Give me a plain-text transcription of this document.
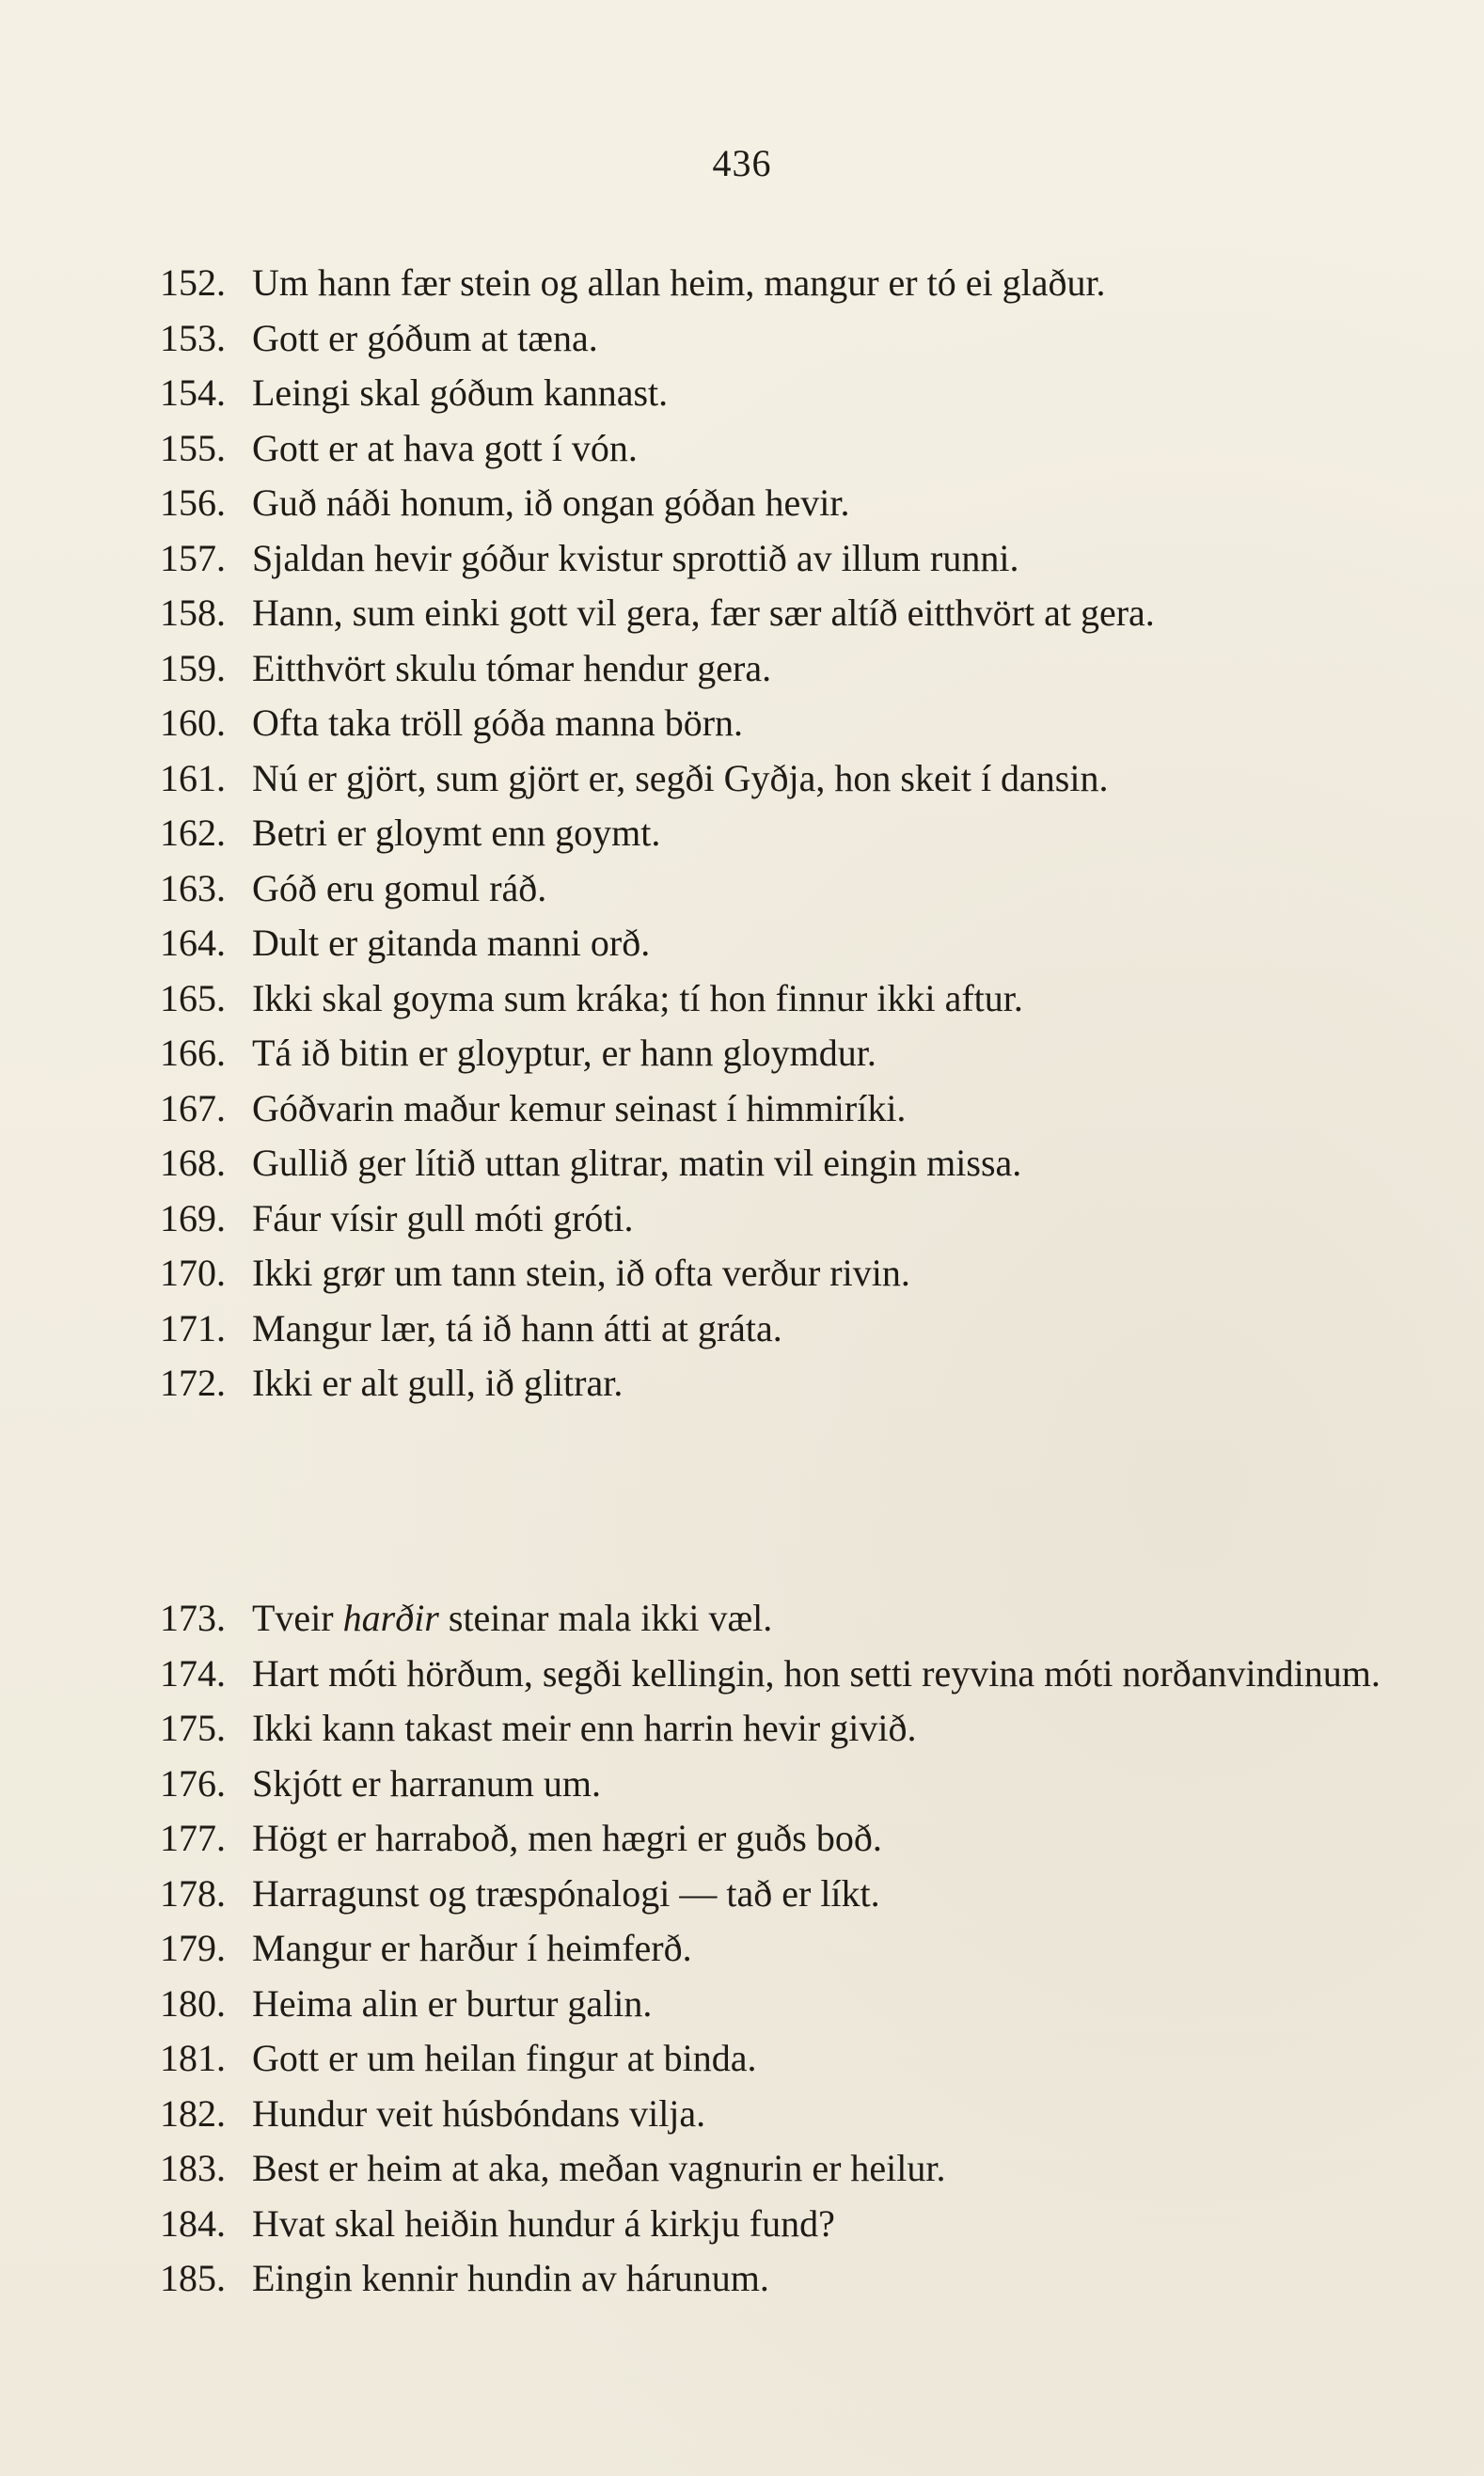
436
152. Um hann fær stein og allan heim, mangur er tó ei glaður.
153. Gott er góðum at tæna.
154. Leingi skal góðum kannast.
155. Gott er at hava gott í vón.
156. Guð náði honum, ið ongan góðan hevir.
157. Sjaldan hevir góður kvistur sprottið av illum runni.
158. Hann, sum einki gott vil gera, fær sær altíð eitthvört at gera.
159. Eitthvört skulu tómar hendur gera.
160. Ofta taka tröll góða manna börn.
161. Nú er gjört, sum gjört er, segði Gyðja, hon skeit í dansin.
162. Betri er gloymt enn goymt.
163. Góð eru gomul ráð.
164. Dult er gitanda manni orð.
165. Ikki skal goyma sum kráka; tí hon finnur ikki aftur.
166. Tá ið bitin er gloyptur, er hann gloymdur.
167. Góðvarin maður kemur seinast í himmiríki.
168. Gullið ger lítið uttan glitrar, matin vil eingin missa.
169. Fáur vísir gull móti gróti.
170. Ikki grør um tann stein, ið ofta verður rivin.
171. Mangur lær, tá ið hann átti at gráta.
172. Ikki er alt gull, ið glitrar.
173. Tveir harðir steinar mala ikki væl.
174. Hart móti hörðum, segði kellingin, hon setti reyvina móti norðanvindinum.
175. Ikki kann takast meir enn harrin hevir givið.
176. Skjótt er harranum um.
177. Högt er harraboð, men hægri er guðs boð.
178. Harragunst og træspónalogi — tað er líkt.
179. Mangur er harður í heimferð.
180. Heima alin er burtur galin.
181. Gott er um heilan fingur at binda.
182. Hundur veit húsbóndans vilja.
183. Best er heim at aka, meðan vagnurin er heilur.
184. Hvat skal heiðin hundur á kirkju fund?
185. Eingin kennir hundin av hárunum.
